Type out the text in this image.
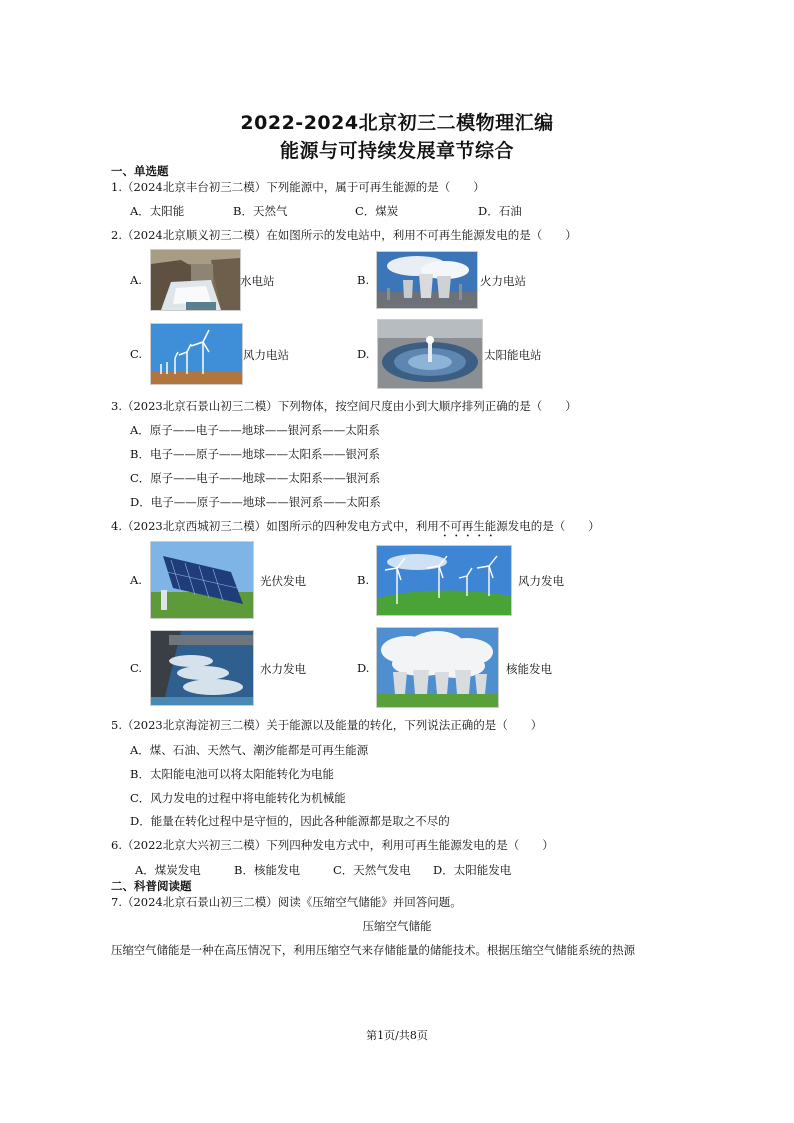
2022-2024北京初三二模物理汇编
能源与可持续发展章节综合
一、单选题
1.（2024北京丰台初三二模）下列能源中，属于可再生能源的是（　　）
A．太阳能	B．天然气	C．煤炭	D．石油
2.（2024北京顺义初三二模）在如图所示的发电站中，利用不可再生能源发电的是（　　）
A.	水电站	B.	火力电站
C.	风力电站	D.	太阳能电站
3.（2023北京石景山初三二模）下列物体，按空间尺度由小到大顺序排列正确的是（　　）
A．原子——电子——地球——银河系——太阳系
B．电子——原子——地球——太阳系——银河系
C．原子——电子——地球——太阳系——银河系
D．电子——原子——地球——银河系——太阳系
4.（2023北京西城初三二模）如图所示的四种发电方式中，利用不可再生能源发电的是（　　）
A.	光伏发电	B.	风力发电
C.	水力发电	D.	核能发电
5.（2023北京海淀初三二模）关于能源以及能量的转化，下列说法正确的是（　　）
A．煤、石油、天然气、潮汐能都是可再生能源
B．太阳能电池可以将太阳能转化为电能
C．风力发电的过程中将电能转化为机械能
D．能量在转化过程中是守恒的，因此各种能源都是取之不尽的
6.（2022北京大兴初三二模）下列四种发电方式中，利用可再生能源发电的是（　　）
A．煤炭发电	B．核能发电	C．天然气发电 D．太阳能发电
二、科普阅读题
7.（2024北京石景山初三二模）阅读《压缩空气储能》并回答问题。
压缩空气储能
压缩空气储能是一种在高压情况下，利用压缩空气来存储能量的储能技术。根据压缩空气储能系统的热源
第1页/共8页
